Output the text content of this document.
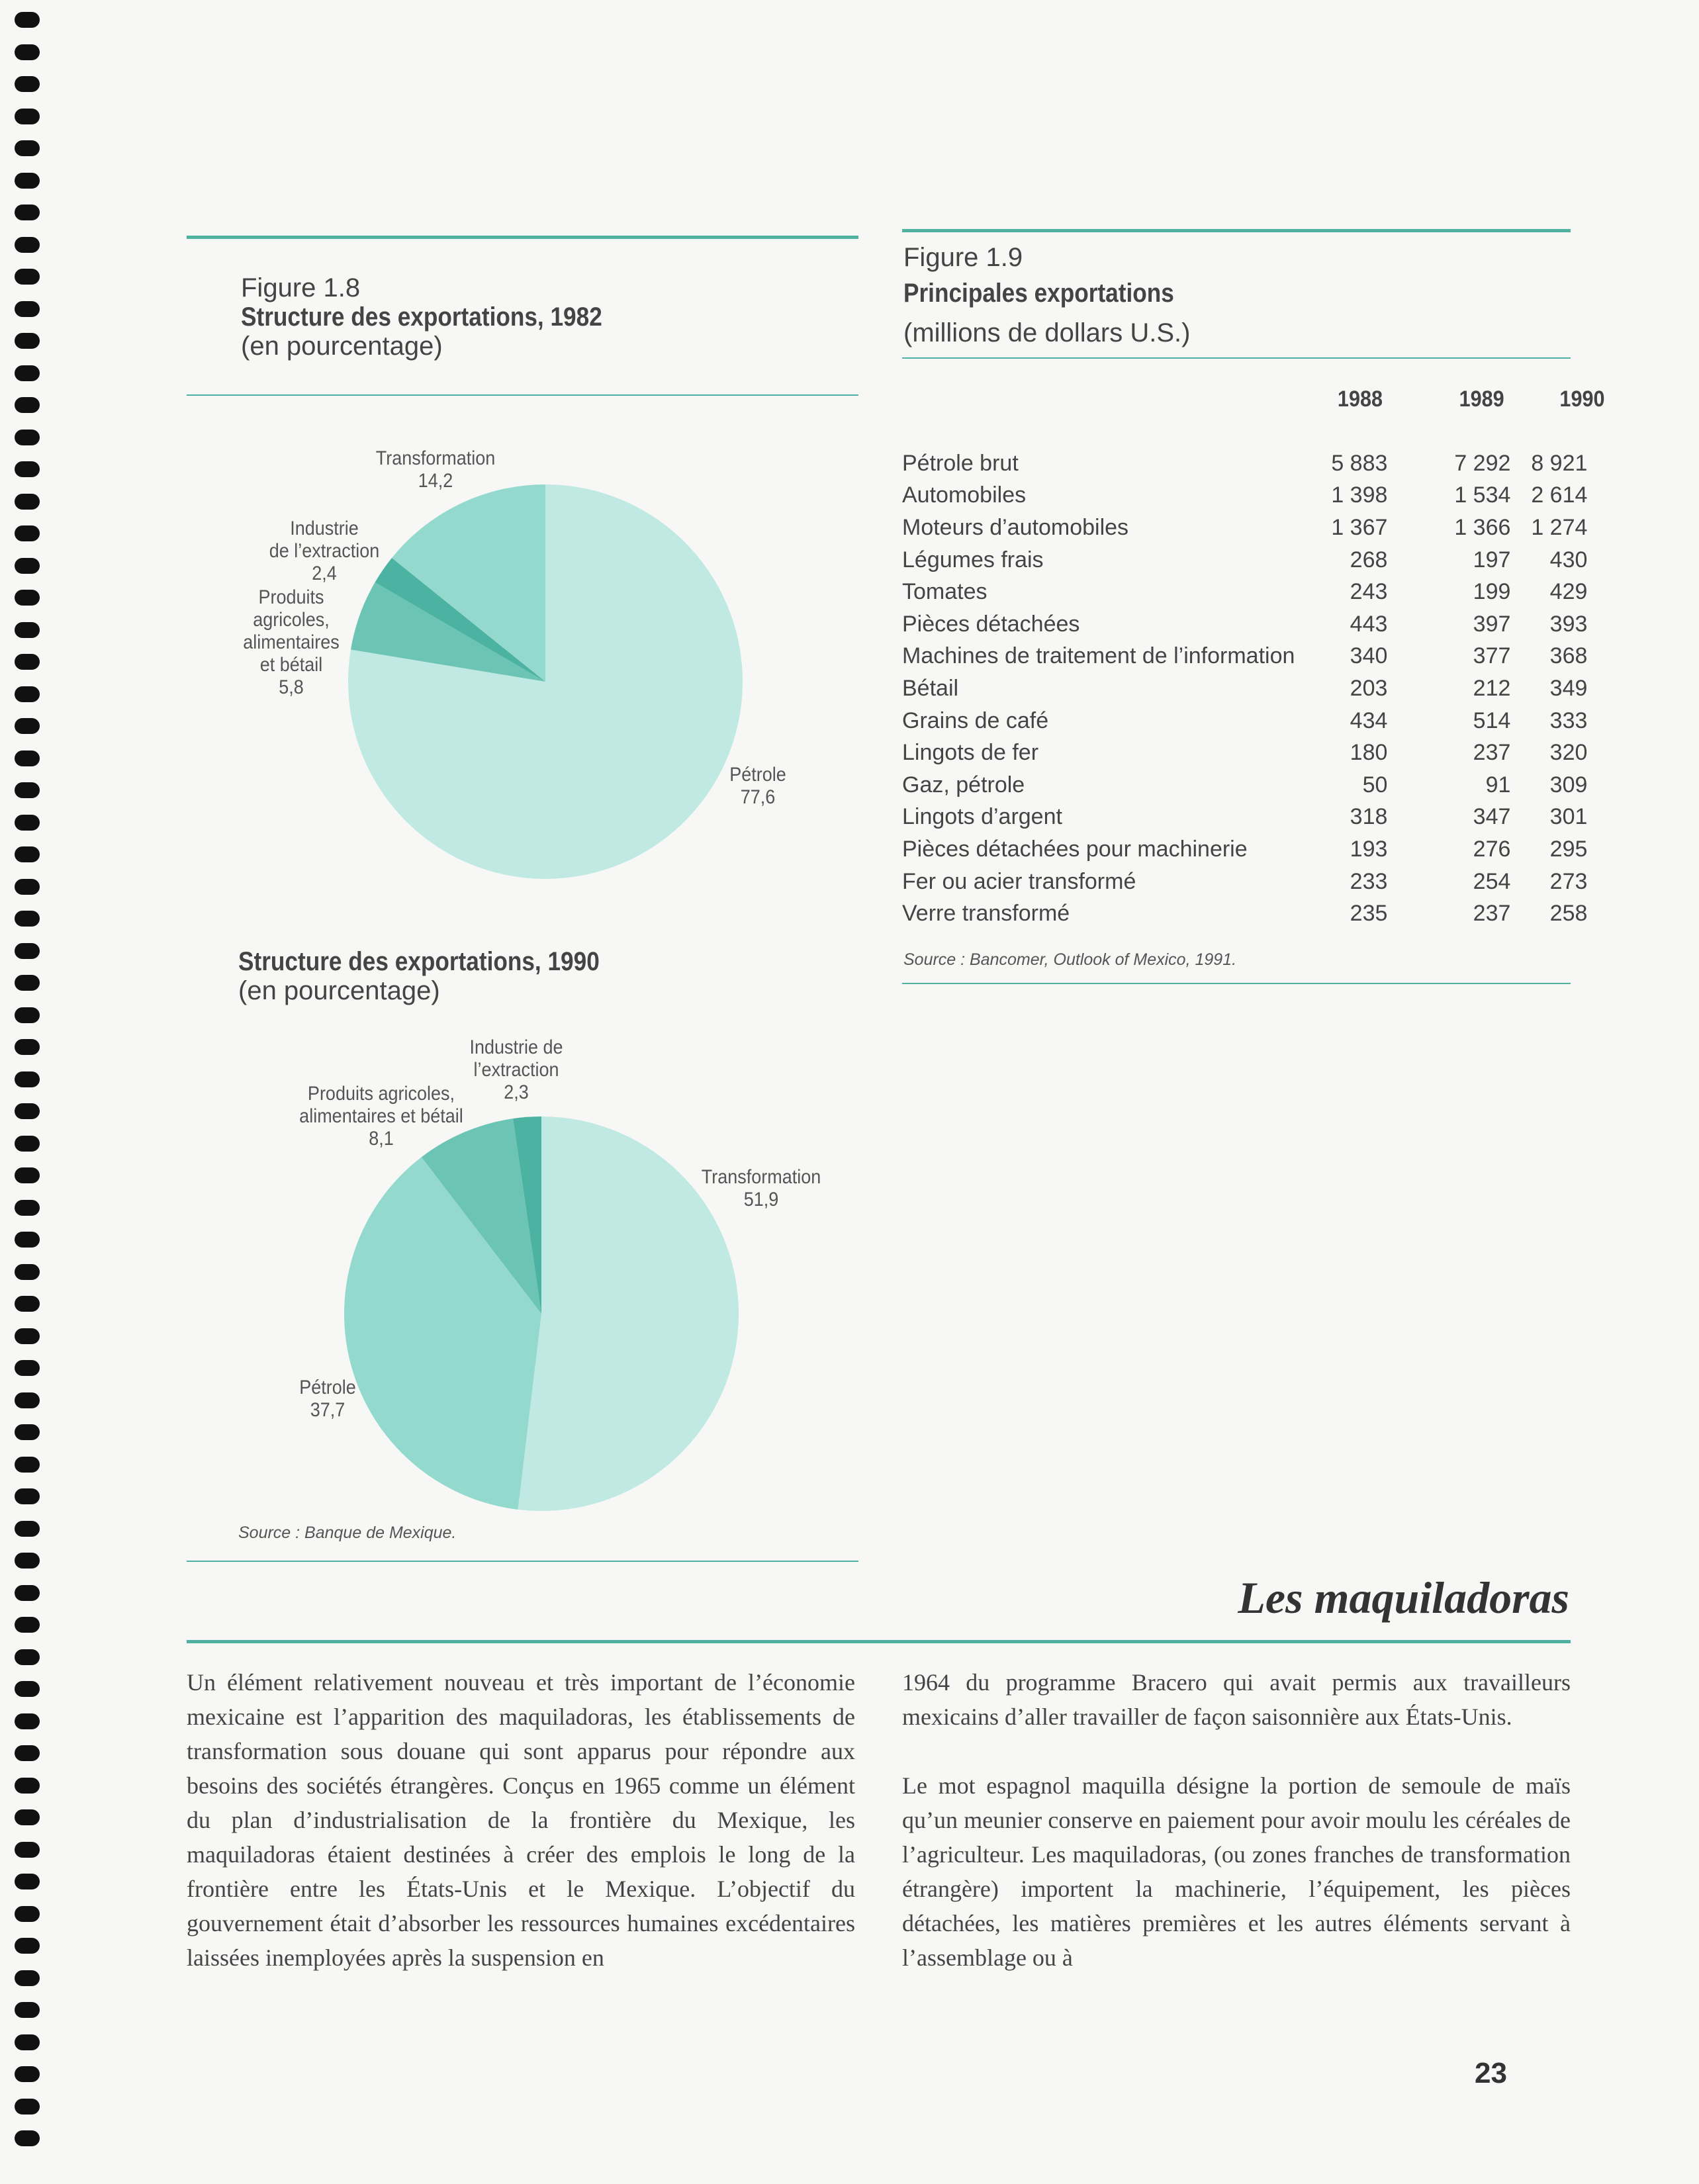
Figure 1.8
Structure des exportations, 1982
(en pourcentage)
Transformation
14,2
Industrie
de l’extraction
2,4
Produits
agricoles,
alimentaires
et bétail
5,8
Pétrole
77,6
Structure des exportations, 1990
(en pourcentage)
Industrie de
l’extraction
2,3
Produits agricoles,
alimentaires et bétail
8,1
Transformation
51,9
Pétrole
37,7
Source : Banque de Mexique.
Figure 1.9
Principales exportations
(millions de dollars U.S.)
	1988	1989	1990

Pétrole brut	5 883	7 292	8 921
Automobiles	1 398	1 534	2 614
Moteurs d’automobiles	1 367	1 366	1 274
Légumes frais	268	197	430
Tomates	243	199	429
Pièces détachées	443	397	393
Machines de traitement de l’information	340	377	368
Bétail	203	212	349
Grains de café	434	514	333
Lingots de fer	180	237	320
Gaz, pétrole	50	91	309
Lingots d’argent	318	347	301
Pièces détachées pour machinerie	193	276	295
Fer ou acier transformé	233	254	273
Verre transformé	235	237	258
Source : Bancomer, Outlook of Mexico, 1991.
Les maquiladoras

Un élément relativement nouveau et très important de l’économie mexicaine est l’apparition des maquiladoras, les établissements de transformation sous douane qui sont apparus pour répondre aux besoins des sociétés étrangères. Conçus en 1965 comme un élément du plan d’industrialisation de la frontière du Mexique, les maquiladoras étaient destinées à créer des emplois le long de la frontière entre les États-Unis et le Mexique. L’objectif du gouvernement était d’absorber les ressources humaines excédentaires laissées inemployées après la suspension en

1964 du programme Bracero qui avait permis aux travailleurs mexicains d’aller travailler de façon saisonnière aux États-Unis.

Le mot espagnol maquilla désigne la portion de semoule de maïs qu’un meunier conserve en paiement pour avoir moulu les céréales de l’agriculteur. Les maquiladoras, (ou zones franches de transformation étrangère) importent la machinerie, l’équipement, les pièces détachées, les matières premières et les autres éléments servant à l’assemblage ou à

23
